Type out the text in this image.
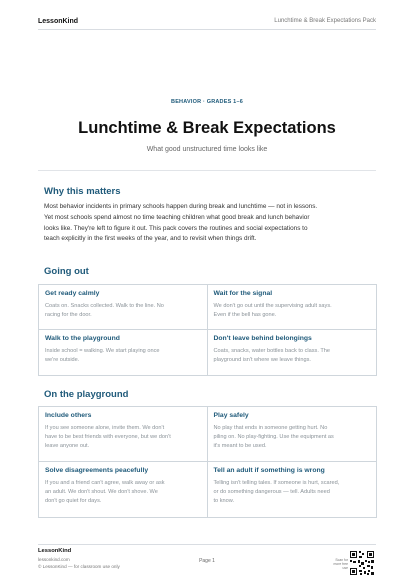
LessonKind	Lunchtime & Break Expectations Pack
BEHAVIOR · GRADES 1–6
Lunchtime & Break Expectations
What good unstructured time looks like
Why this matters
Most behavior incidents in primary schools happen during break and lunchtime — not in lessons.
Yet most schools spend almost no time teaching children what good break and lunch behavior
looks like. They're left to figure it out. This pack covers the routines and social expectations to
teach explicitly in the first weeks of the year, and to revisit when things drift.
Going out
Get ready calmly
Coats on. Snacks collected. Walk to the line. No
racing for the door.
Wait for the signal
We don't go out until the supervising adult says.
Even if the bell has gone.
Walk to the playground
Inside school = walking. We start playing once
we're outside.
Don't leave behind belongings
Coats, snacks, water bottles back to class. The
playground isn't where we leave things.
On the playground
Include others
If you see someone alone, invite them. We don't
have to be best friends with everyone, but we don't
leave anyone out.
Play safely
No play that ends in someone getting hurt. No
piling on. No play-fighting. Use the equipment as
it's meant to be used.
Solve disagreements peacefully
If you and a friend can't agree, walk away or ask
an adult. We don't shout. We don't shove. We
don't go quiet for days.
Tell an adult if something is wrong
Telling isn't telling tales. If someone is hurt, scared,
or do something dangerous — tell. Adults need
to know.
LessonKind
lessonkind.com
© LessonKind — for classroom use only
Page 1	Scan for more free use
